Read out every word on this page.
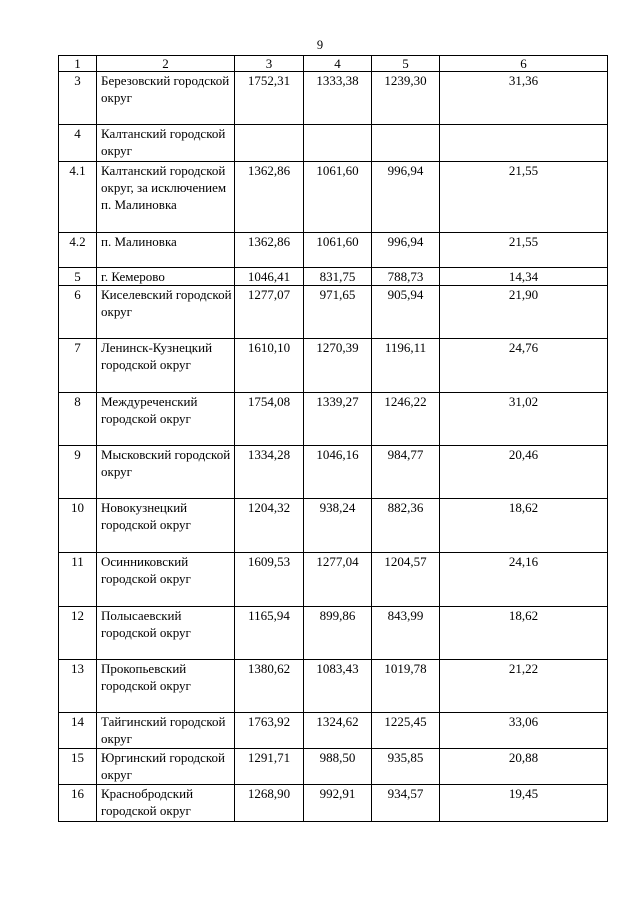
9
1	2	3	4	5	6
3	Березовский городской округ	1752,31	1333,38	1239,30	31,36
4	Калтанский городской округ				
4.1	Калтанский городской округ, за исключением п. Малиновка	1362,86	1061,60	996,94	21,55
4.2	п. Малиновка	1362,86	1061,60	996,94	21,55
5	г. Кемерово	1046,41	831,75	788,73	14,34
6	Киселевский городской округ	1277,07	971,65	905,94	21,90
7	Ленинск-Кузнецкий городской округ	1610,10	1270,39	1196,11	24,76
8	Междуреченский городской округ	1754,08	1339,27	1246,22	31,02
9	Мысковский городской округ	1334,28	1046,16	984,77	20,46
10	Новокузнецкий городской округ	1204,32	938,24	882,36	18,62
11	Осинниковский городской округ	1609,53	1277,04	1204,57	24,16
12	Полысаевский городской округ	1165,94	899,86	843,99	18,62
13	Прокопьевский городской округ	1380,62	1083,43	1019,78	21,22
14	Тайгинский городской округ	1763,92	1324,62	1225,45	33,06
15	Юргинский городской округ	1291,71	988,50	935,85	20,88
16	Краснобродский городской округ	1268,90	992,91	934,57	19,45
